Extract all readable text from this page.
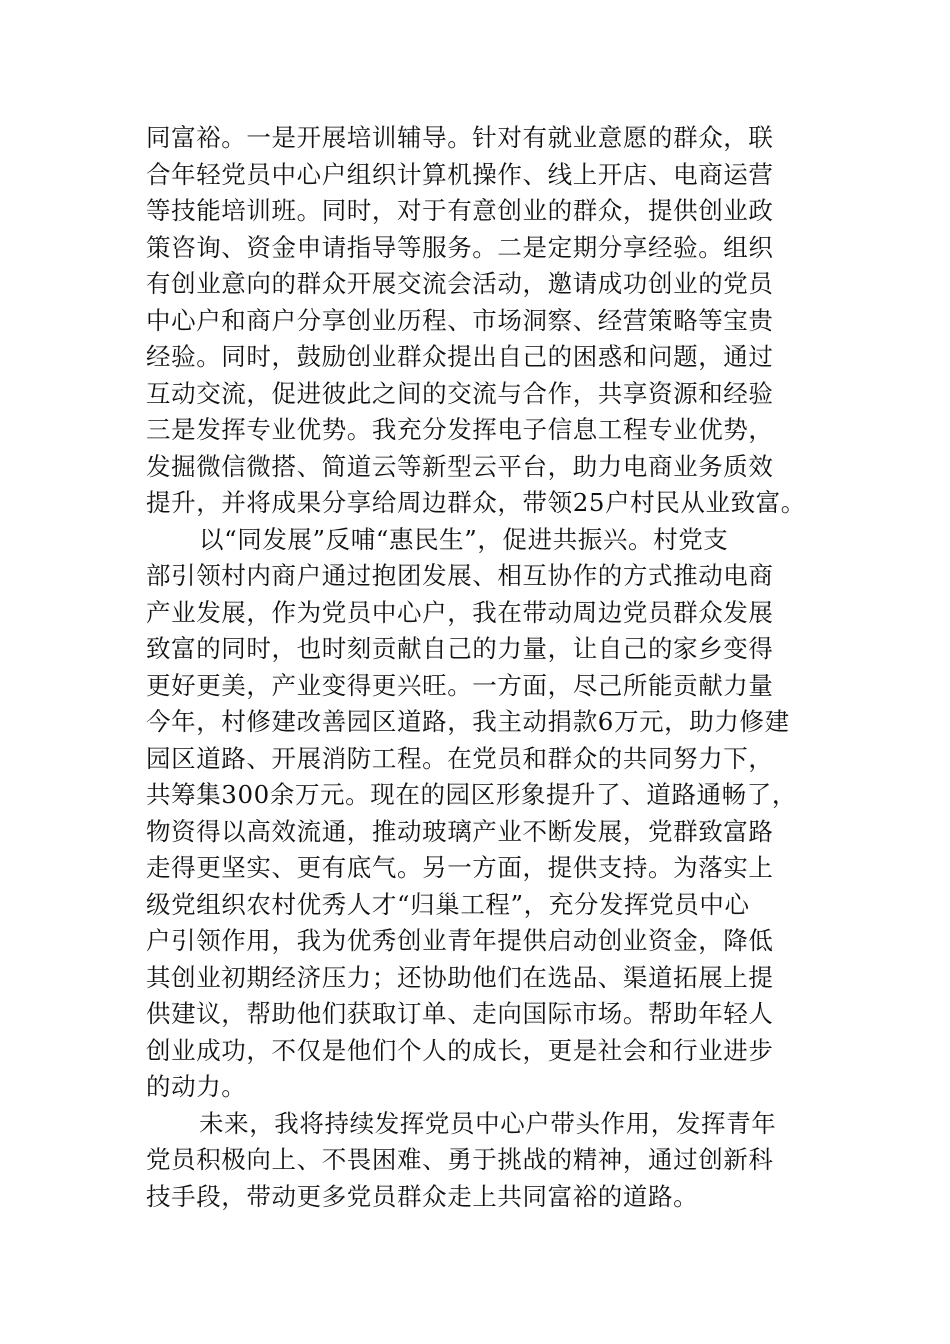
同富裕。一是开展培训辅导。针对有就业意愿的群众，联
合年轻党员中心户组织计算机操作、线上开店、电商运营
等技能培训班。同时，对于有意创业的群众，提供创业政
策咨询、资金申请指导等服务。二是定期分享经验。组织
有创业意向的群众开展交流会活动，邀请成功创业的党员
中心户和商户分享创业历程、市场洞察、经营策略等宝贵
经验。同时，鼓励创业群众提出自己的困惑和问题，通过
互动交流，促进彼此之间的交流与合作，共享资源和经验
三是发挥专业优势。我充分发挥电子信息工程专业优势，
发掘微信微搭、简道云等新型云平台，助力电商业务质效
提升，并将成果分享给周边群众，带领25户村民从业致富。
以“同发展”反哺“惠民生”，促进共振兴。村党支
部引领村内商户通过抱团发展、相互协作的方式推动电商
产业发展，作为党员中心户，我在带动周边党员群众发展
致富的同时，也时刻贡献自己的力量，让自己的家乡变得
更好更美，产业变得更兴旺。一方面，尽己所能贡献力量
今年，村修建改善园区道路，我主动捐款6万元，助力修建
园区道路、开展消防工程。在党员和群众的共同努力下，
共筹集300余万元。现在的园区形象提升了、道路通畅了，
物资得以高效流通，推动玻璃产业不断发展，党群致富路
走得更坚实、更有底气。另一方面，提供支持。为落实上
级党组织农村优秀人才“归巢工程”，充分发挥党员中心
户引领作用，我为优秀创业青年提供启动创业资金，降低
其创业初期经济压力；还协助他们在选品、渠道拓展上提
供建议，帮助他们获取订单、走向国际市场。帮助年轻人
创业成功，不仅是他们个人的成长，更是社会和行业进步
的动力。
未来，我将持续发挥党员中心户带头作用，发挥青年
党员积极向上、不畏困难、勇于挑战的精神，通过创新科
技手段，带动更多党员群众走上共同富裕的道路。
